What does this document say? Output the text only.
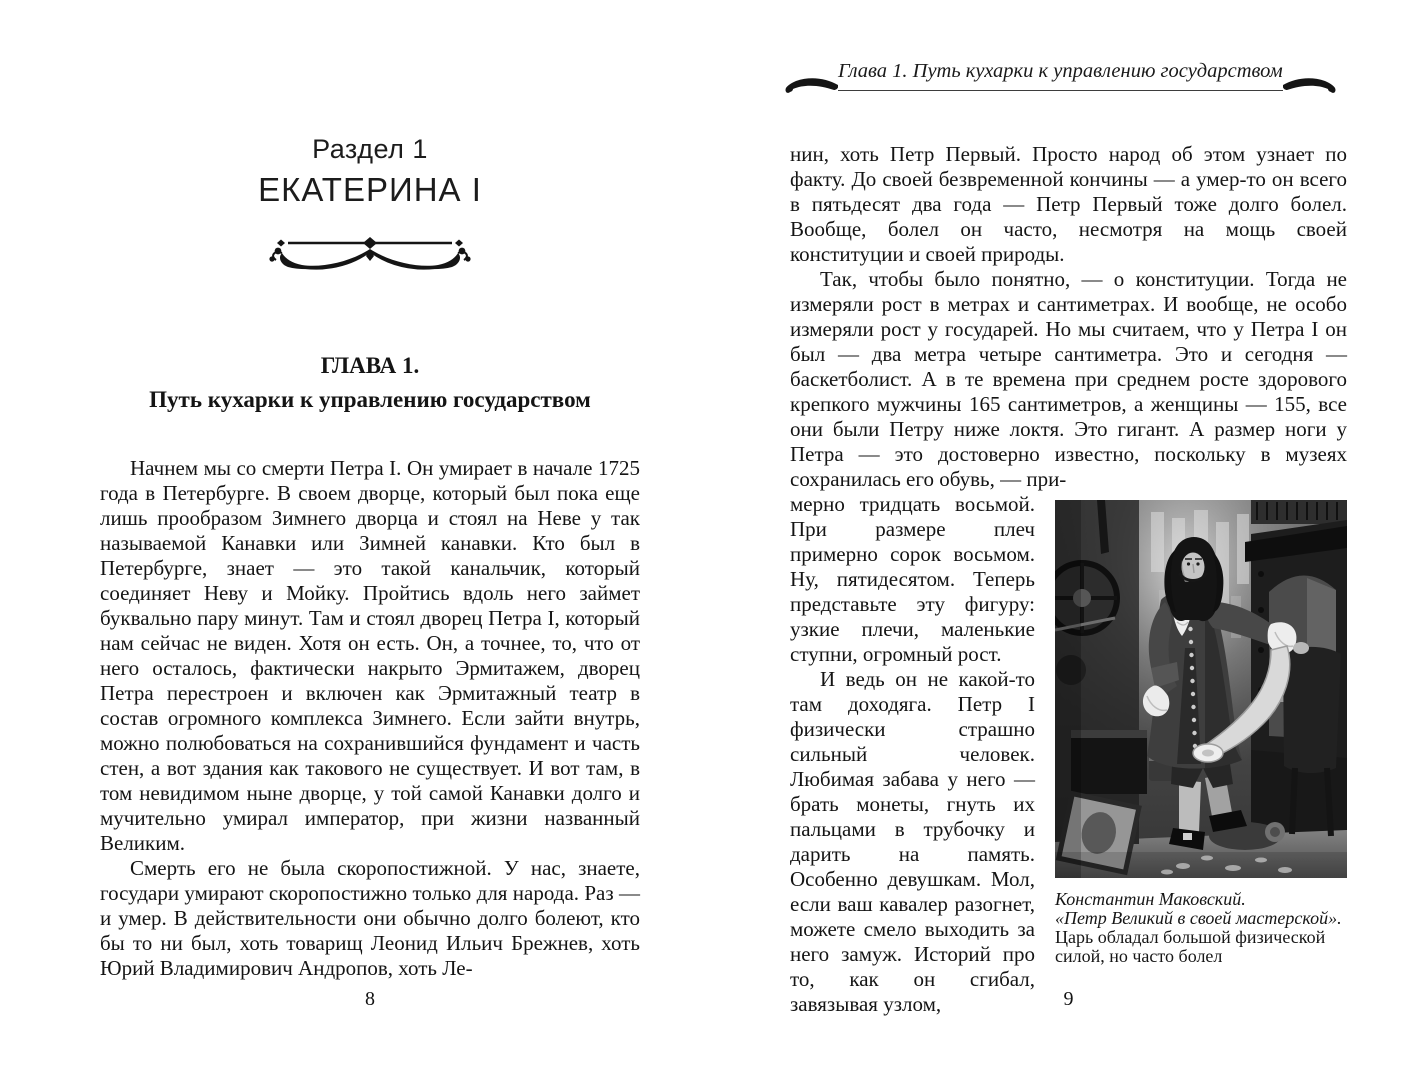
Раздел 1
ЕКАТЕРИНА I
ГЛАВА 1.
Путь кухарки к управлению государством

Начнем мы со смерти Петра I. Он умирает в начале 1725 года в Петербурге. В своем дворце, который был пока еще лишь прообразом Зимнего дворца и стоял на Неве у так называемой Канавки или Зимней канавки. Кто был в Петербурге, знает — это такой канальчик, который соединяет Неву и Мойку. Пройтись вдоль него займет буквально пару минут. Там и стоял дворец Петра I, который нам сейчас не виден. Хотя он есть. Он, а точнее, то, что от него осталось, фактически накрыто Эрмитажем, дворец Петра перестроен и включен как Эрмитажный театр в состав огромного комплекса Зимнего. Если зайти внутрь, можно полюбоваться на сохранившийся фундамент и часть стен, а вот здания как такового не существует. И вот там, в том невидимом ныне дворце, у той самой Канавки долго и мучительно умирал император, при жизни названный Великим.

Смерть его не была скоропостижной. У нас, знаете, государи умирают скоропостижно только для народа. Раз — и умер. В действительности они обычно долго болеют, кто бы то ни был, хоть товарищ Леонид Ильич Брежнев, хоть Юрий Владимирович Андропов, хоть Ле-

8
Глава 1. Путь кухарки к управлению государством

нин, хоть Петр Первый. Просто народ об этом узнает по факту. До своей безвременной кончины — а умер-то он всего в пятьдесят два года — Петр Первый тоже долго болел. Вообще, болел он часто, несмотря на мощь своей конституции и своей природы.

Так, чтобы было понятно, — о конституции. Тогда не измеряли рост в метрах и сантиметрах. И вообще, не особо измеряли рост у государей. Но мы считаем, что у Петра I он был — два метра четыре сантиметра. Это и сегодня — баскетболист. А в те времена при среднем росте здорового крепкого мужчины 165 сантиметров, а женщины — 155, все они были Петру ниже локтя. Это гигант. А размер ноги у Петра — это достоверно известно, поскольку в музеях сохранилась его обувь, — при-

Константин Маковский.
«Петр Великий в своей мастерской».
Царь обладал большой физической силой, но часто болел

мерно тридцать восьмой. При размере плеч примерно сорок восьмом. Ну, пятидесятом. Теперь представьте эту фигуру: узкие плечи, маленькие ступни, огромный рост.

И ведь он не какой-то там доходяга. Петр I физически страшно сильный человек. Любимая забава у него — брать монеты, гнуть их пальцами в трубочку и дарить на память. Особенно девушкам. Мол, если ваш кавалер разогнет, можете смело выходить за него замуж. Историй про то, как он сгибал, завязывая узлом,	9
